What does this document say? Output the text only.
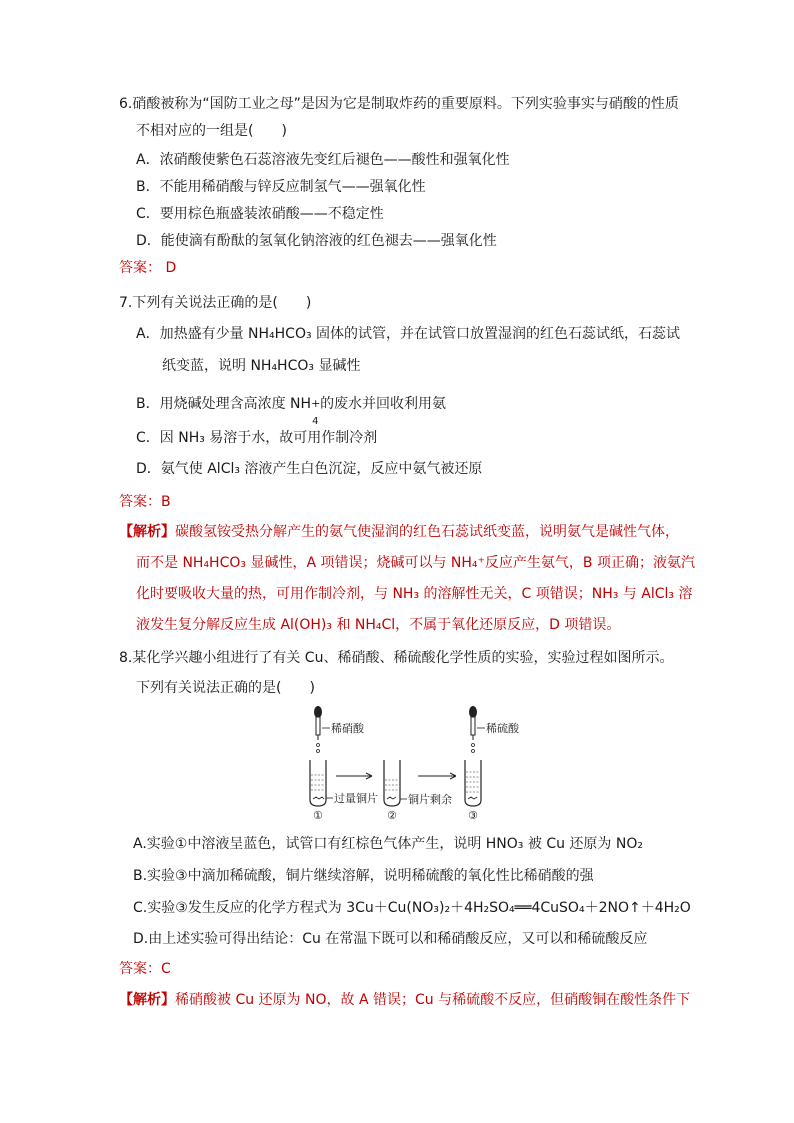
6.硝酸被称为“国防工业之母”是因为它是制取炸药的重要原料。下列实验事实与硝酸的性质
不相对应的一组是(　　)
A．浓硝酸使紫色石蕊溶液先变红后褪色——酸性和强氧化性
B．不能用稀硝酸与锌反应制氢气——强氧化性
C．要用棕色瓶盛装浓硝酸——不稳定性
D．能使滴有酚酞的氢氧化钠溶液的红色褪去——强氧化性
答案： D
7.下列有关说法正确的是(　　)
A．加热盛有少量 NH₄HCO₃ 固体的试管，并在试管口放置湿润的红色石蕊试纸，石蕊试
纸变蓝，说明 NH₄HCO₃ 显碱性
B．用烧碱处理含高浓度 NH +
4
的废水并回收利用氨
C．因 NH₃ 易溶于水，故可用作制冷剂
D．氨气使 AlCl₃ 溶液产生白色沉淀，反应中氨气被还原
答案：B
【解析】碳酸氢铵受热分解产生的氨气使湿润的红色石蕊试纸变蓝，说明氨气是碱性气体，
而不是 NH₄HCO₃ 显碱性，A 项错误；烧碱可以与 NH₄⁺反应产生氨气，B 项正确；液氨汽
化时要吸收大量的热，可用作制冷剂，与 NH₃ 的溶解性无关，C 项错误；NH₃ 与 AlCl₃ 溶
液发生复分解反应生成 Al(OH)₃ 和 NH₄Cl，不属于氧化还原反应，D 项错误。
8.某化学兴趣小组进行了有关 Cu、稀硝酸、稀硫酸化学性质的实验，实验过程如图所示。
下列有关说法正确的是(　　)
稀硝酸
过量铜片
①
铜片剩余
②
稀硫酸
③
A.实验①中溶液呈蓝色，试管口有红棕色气体产生，说明 HNO₃ 被 Cu 还原为 NO₂
B.实验③中滴加稀硫酸，铜片继续溶解，说明稀硫酸的氧化性比稀硝酸的强
C.实验③发生反应的化学方程式为 3Cu＋Cu(NO₃)₂＋4H₂SO₄══4CuSO₄＋2NO↑＋4H₂O
D.由上述实验可得出结论：Cu 在常温下既可以和稀硝酸反应，又可以和稀硫酸反应
答案：C
【解析】稀硝酸被 Cu 还原为 NO，故 A 错误；Cu 与稀硫酸不反应，但硝酸铜在酸性条件下
